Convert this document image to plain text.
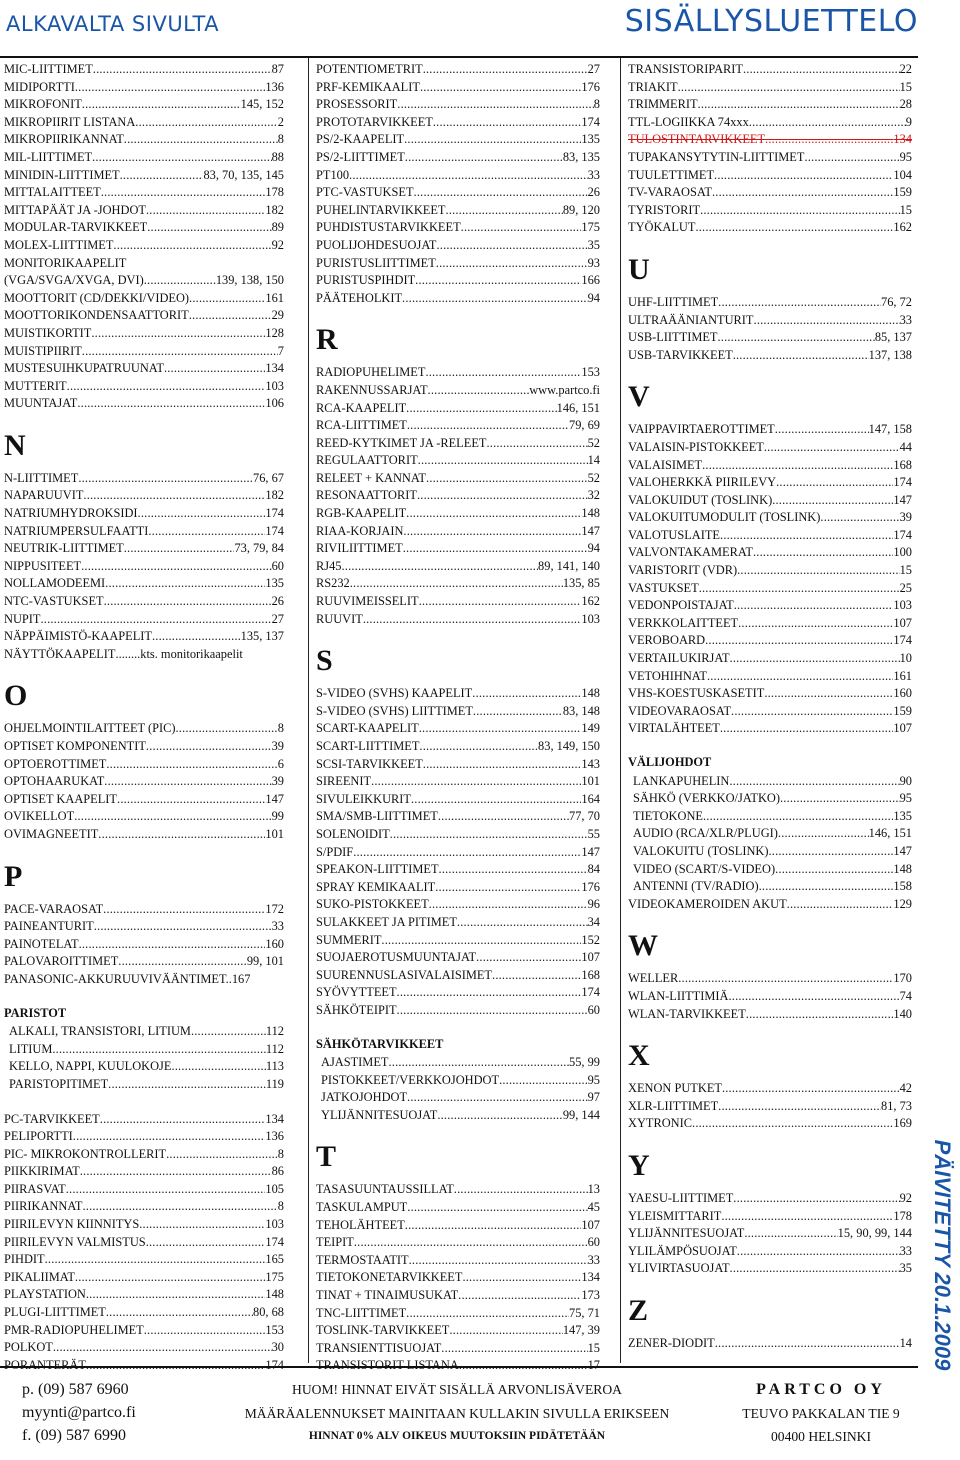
ALKAVALTA SIVULTA	SISÄLLYSLUETTELO
MIC-LIITTIMET .....	87
MIDIPORTTI .....	136
MIKROFONIT .....	145, 152
MIKROPIIRIT LISTANA .....	2
MIKROPIIRIKANNAT .....	8
MIL-LIITTIMET .....	88
MINIDIN-LIITTIMET .....	83, 70, 135, 145
MITTALAITTEET .....	178
MITTAPÄÄT JA -JOHDOT .....	182
MODULAR-TARVIKKEET .....	89
MOLEX-LIITTIMET .....	92
MONITORIKAAPELIT
(VGA/SVGA/XVGA, DVI) .....	139, 138, 150
MOOTTORIT (CD/DEKKI/VIDEO) .....	161
MOOTTORIKONDENSAATTORIT .....	29
MUISTIKORTIT .....	128
MUISTIPIIRIT .....	7
MUSTESUIHKUPATRUUNAT .....	134
MUTTERIT .....	103
MUUNTAJAT .....	106
N
N-LIITTIMET .....	76, 67
NAPARUUVIT .....	182
NATRIUMHYDROKSIDI .....	174
NATRIUMPERSULFAATTI .....	174
NEUTRIK-LIITTIMET .....	73, 79, 84
NIPPUSITEET .....	60
NOLLAMODEEMI .....	135
NTC-VASTUKSET .....	26
NUPIT .....	27
NÄPPÄIMISTÖ-KAAPELIT .....	135, 137
NÄYTTÖKAAPELIT ........ kts. monitorikaapelit
O
OHJELMOINTILAITTEET (PIC) .....	8
OPTISET KOMPONENTIT .....	39
OPTOEROTTIMET .....	6
OPTOHAARUKAT .....	39
OPTISET KAAPELIT .....	147
OVIKELLOT .....	99
OVIMAGNEETIT .....	101
P
PACE-VARAOSAT .....	172
PAINEANTURIT .....	33
PAINOTELAT .....	160
PALOVAROITTIMET .....	99, 101
PANASONIC-AKKURUUVIVÄÄNTIMET.. 167
PARISTOT
ALKALI, TRANSISTORI, LITIUM .....	112
LITIUM .....	112
KELLO, NAPPI, KUULOKOJE .....	113
PARISTOPITIMET .....	119
PC-TARVIKKEET .....	134
PELIPORTTI .....	136
PIC- MIKROKONTROLLERIT .....	8
PIIKKIRIMAT .....	86
PIIRASVAT .....	105
PIIRIKANNAT .....	8
PIIRILEVYN KIINNITYS .....	103
PIIRILEVYN VALMISTUS .....	174
PIHDIT .....	165
PIKALIIMAT .....	175
PLAYSTATION .....	148
PLUGI-LIITTIMET .....	80, 68
PMR-RADIOPUHELIMET .....	153
POLKOT .....	30
PORANTERÄT .....	174
POTENTIOMETRIT .....	27
PRF-KEMIKAALIT .....	176
PROSESSORIT .....	8
PROTOTARVIKKEET .....	174
PS/2-KAAPELIT .....	135
PS/2-LIITTIMET .....	83, 135
PT100 .....	33
PTC-VASTUKSET .....	26
PUHELINTARVIKKEET .....	89, 120
PUHDISTUSTARVIKKEET .....	175
PUOLIJOHDESUOJAT .....	35
PURISTUSLIITTIMET .....	93
PURISTUSPIHDIT .....	166
PÄÄTEHOLKIT .....	94
R
RADIOPUHELIMET .....	153
RAKENNUSSARJAT .....	www.partco.fi
RCA-KAAPELIT .....	146, 151
RCA-LIITTIMET .....	79, 69
REED-KYTKIMET JA -RELEET .....	52
REGULAATTORIT .....	14
RELEET + KANNAT .....	52
RESONAATTORIT .....	32
RGB-KAAPELIT .....	148
RIAA-KORJAIN .....	147
RIVILIITTIMET .....	94
RJ45 .....	89, 141, 140
RS232 .....	135, 85
RUUVIMEISSELIT .....	162
RUUVIT .....	103
S
S-VIDEO (SVHS) KAAPELIT .....	148
S-VIDEO (SVHS) LIITTIMET .....	83, 148
SCART-KAAPELIT .....	149
SCART-LIITTIMET .....	83, 149, 150
SCSI-TARVIKKEET .....	143
SIREENIT .....	101
SIVULEIKKURIT .....	164
SMA/SMB-LIITTIMET .....	77, 70
SOLENOIDIT .....	55
S/PDIF .....	147
SPEAKON-LIITTIMET .....	84
SPRAY KEMIKAALIT .....	176
SUKO-PISTOKKEET .....	96
SULAKKEET JA PITIMET .....	34
SUMMERIT .....	152
SUOJAEROTUSMUUNTAJAT .....	107
SUURENNUSLASIVALAISIMET .....	168
SYÖVYTTEET .....	174
SÄHKÖTEIPIT .....	60
SÄHKÖTARVIKKEET
AJASTIMET .....	55, 99
PISTOKKEET/VERKKOJOHDOT .....	95
JATKOJOHDOT .....	97
YLIJÄNNITESUOJAT .....	99, 144
T
TASASUUNTAUSSILLAT .....	13
TASKULAMPUT .....	45
TEHOLÄHTEET .....	107
TEIPIT .....	60
TERMOSTAATIT .....	33
TIETOKONETARVIKKEET .....	134
TINAT + TINAIMUSUKAT .....	173
TNC-LIITTIMET .....	75, 71
TOSLINK-TARVIKKEET .....	147, 39
TRANSIENTTISUOJAT .....	15
TRANSISTORIT LISTANA .....	17
TRANSISTORIPARIT .....	22
TRIAKIT .....	15
TRIMMERIT .....	28
TTL-LOGIIKKA 74xxx .....	9
TULOSTINTARVIKKEET .....	134
TUPAKANSYTYTIN-LIITTIMET .....	95
TUULETTIMET .....	104
TV-VARAOSAT .....	159
TYRISTORIT .....	15
TYÖKALUT .....	162
U
UHF-LIITTIMET .....	76, 72
ULTRAÄÄNIANTURIT .....	33
USB-LIITTIMET .....	85, 137
USB-TARVIKKEET .....	137, 138
V
VAIPPAVIRTAEROTTIMET .....	147, 158
VALAISIN-PISTOKKEET .....	44
VALAISIMET .....	168
VALOHERKKÄ PIIRILEVY .....	174
VALOKUIDUT (TOSLINK) .....	147
VALOKUITUMODULIT (TOSLINK) .....	39
VALOTUSLAITE .....	174
VALVONTAKAMERAT .....	100
VARISTORIT (VDR) .....	15
VASTUKSET .....	25
VEDONPOISTAJAT .....	103
VERKKOLAITTEET .....	107
VEROBOARD .....	174
VERTAILUKIRJAT .....	10
VETOHIHNAT .....	161
VHS-KOESTUSKASETIT .....	160
VIDEOVARAOSAT .....	159
VIRTALÄHTEET .....	107
VÄLIJOHDOT
LANKAPUHELIN .....	90
SÄHKÖ (VERKKO/JATKO) .....	95
TIETOKONE .....	135
AUDIO (RCA/XLR/PLUGI) .....	146, 151
VALOKUITU (TOSLINK) .....	147
VIDEO (SCART/S-VIDEO) .....	148
ANTENNI (TV/RADIO) .....	158
VIDEOKAMEROIDEN AKUT .....	129
W
WELLER .....	170
WLAN-LIITTIMIÄ .....	74
WLAN-TARVIKKEET .....	140
X
XENON PUTKET .....	42
XLR-LIITTIMET .....	81, 73
XYTRONIC .....	169
Y
YAESU-LIITTIMET .....	92
YLEISMITTARIT .....	178
YLIJÄNNITESUOJAT .....	15, 90, 99, 144
YLILÄMPÖSUOJAT .....	33
YLIVIRTASUOJAT .....	35
Z
ZENER-DIODIT .....	14 PÄIVITETTY 20.1.2009
p. (09) 587 6960
myynti@partco.fi
f. (09) 587 6990
HUOM! HINNAT EIVÄT SISÄLLÄ ARVONLISÄVEROA
MÄÄRÄALENNUKSET MAINITAAN KULLAKIN SIVULLA ERIKSEEN
HINNAT 0% ALV OIKEUS MUUTOKSIIN PIDÄTETÄÄN
PARTCO OY
TEUVO PAKKALAN TIE 9
00400 HELSINKI
